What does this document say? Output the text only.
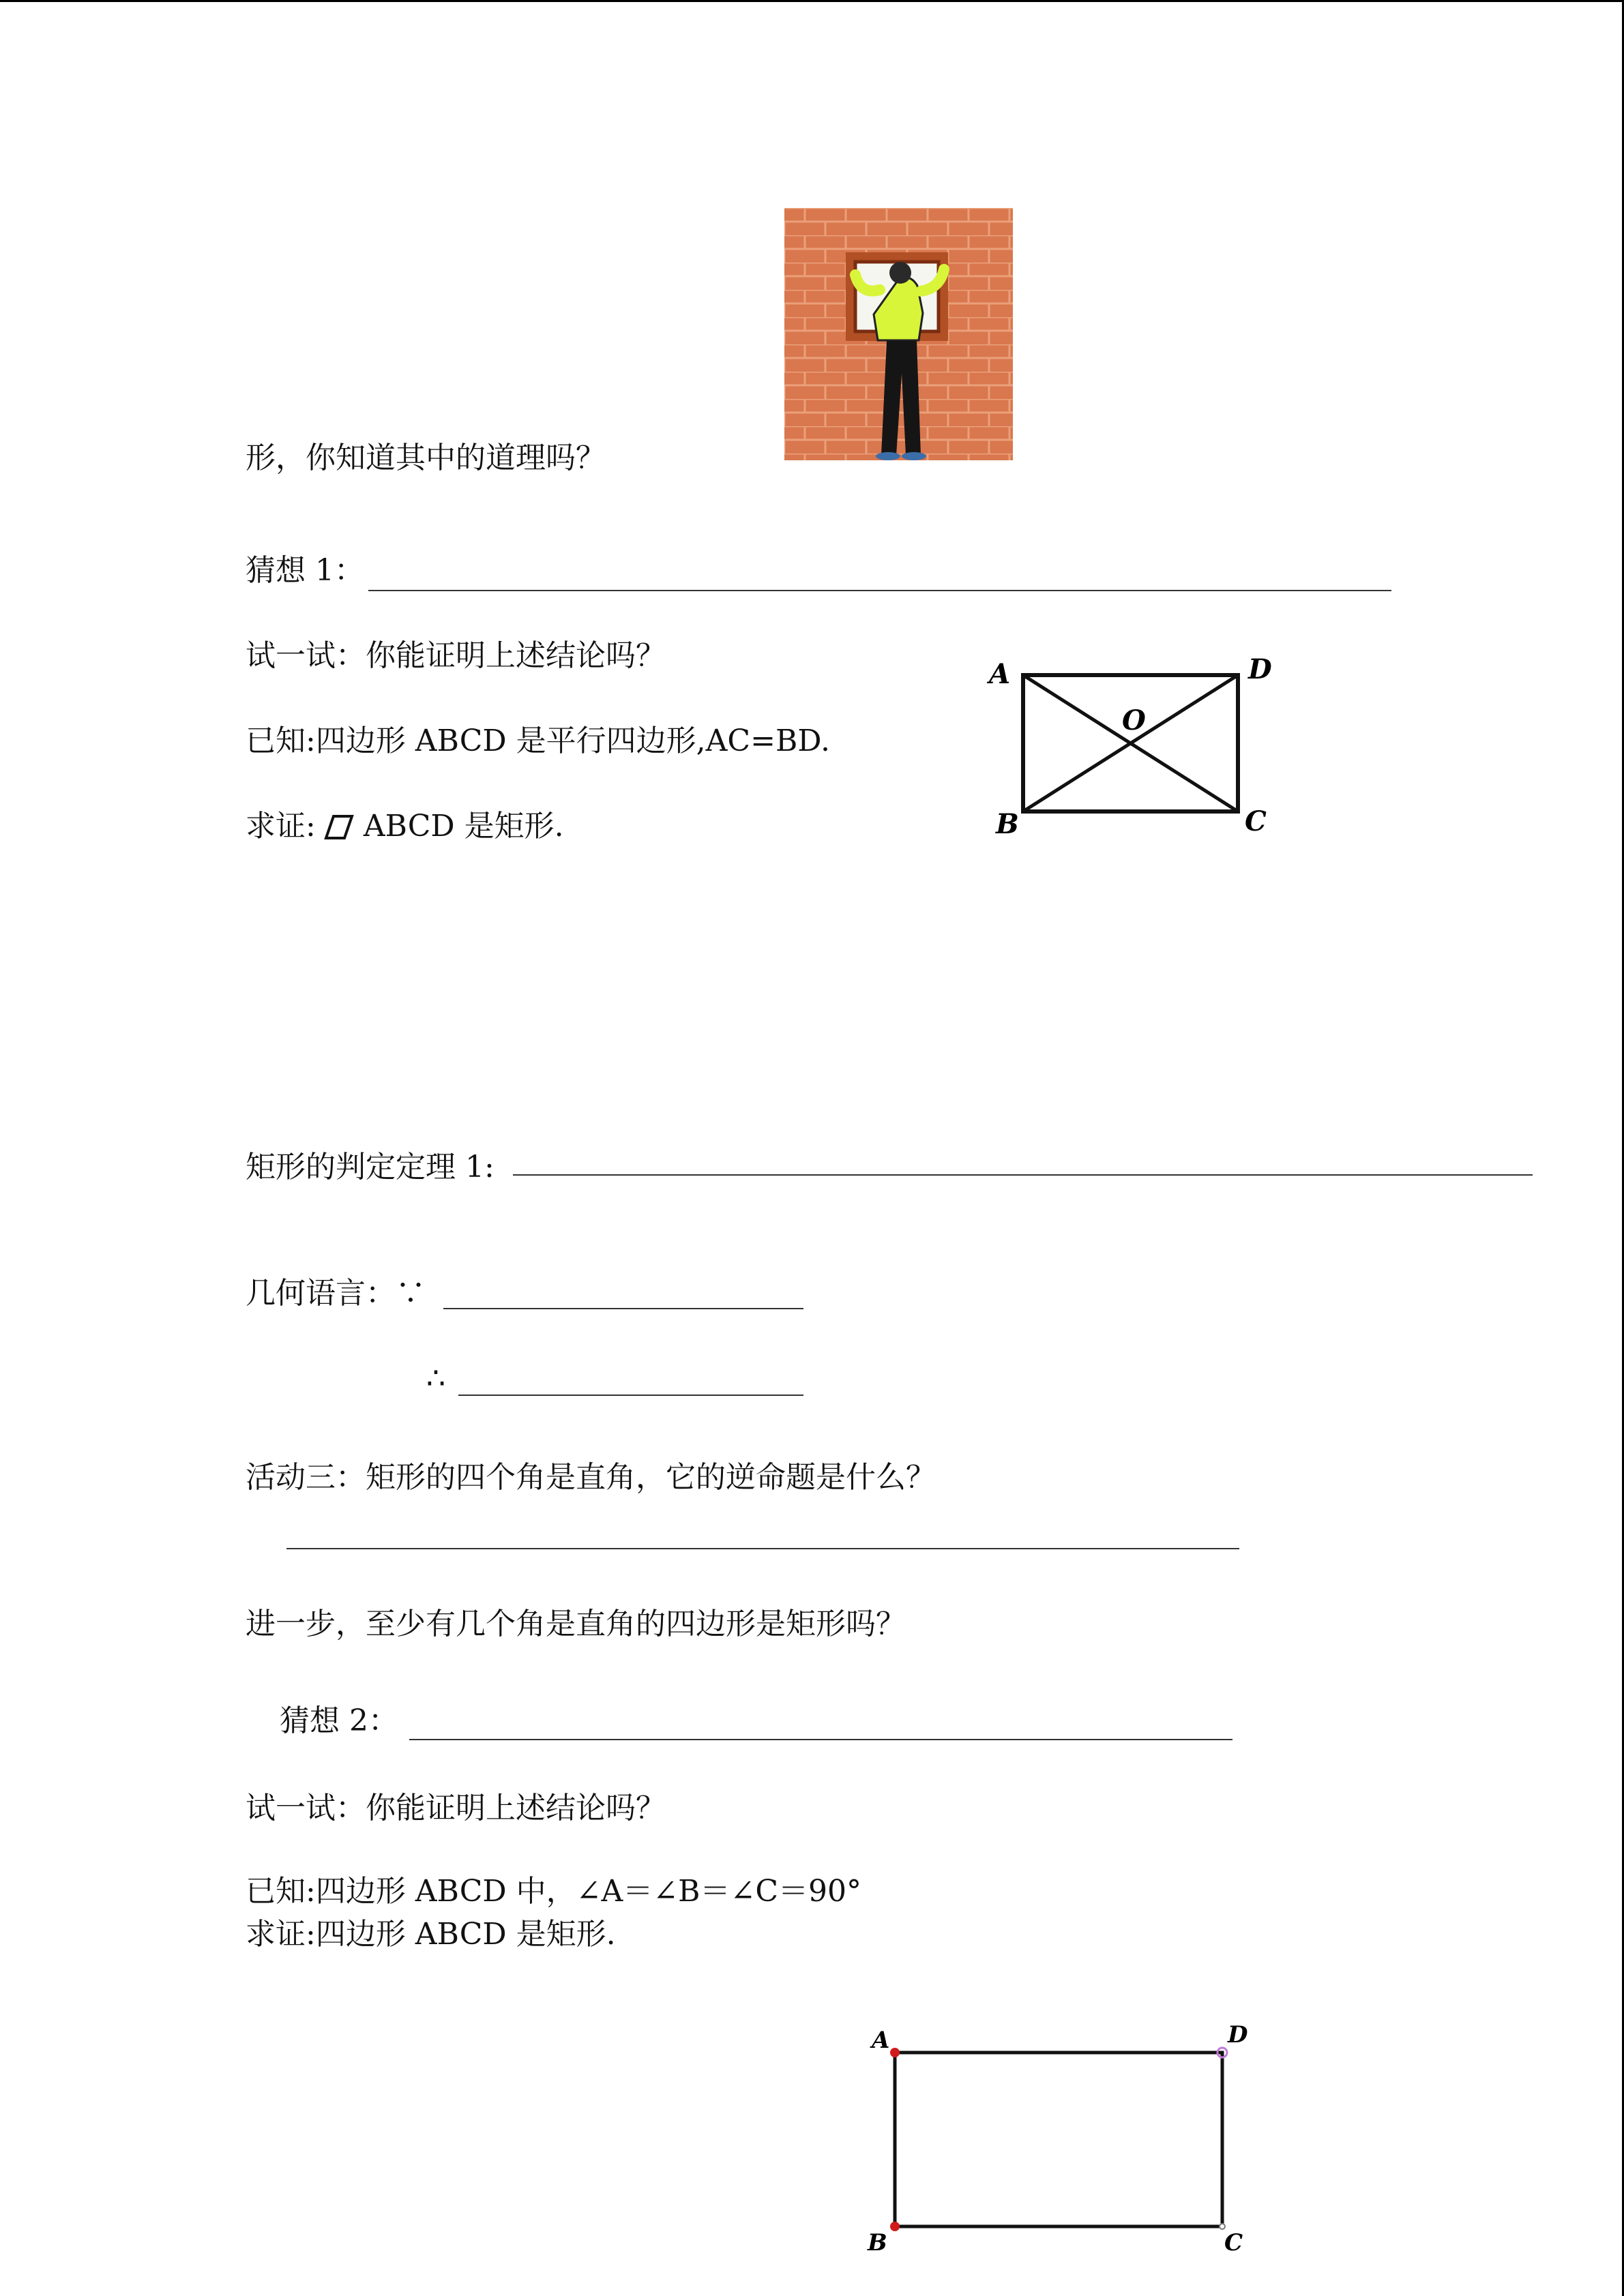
形，你知道其中的道理吗？
猜想 1：
试一试：你能证明上述结论吗？
已知:四边形 ABCD 是平行四边形,AC=BD.
求证: ABCD 是矩形.
A	D
O
B	C
矩形的判定定理 1:
几何语言：∵
∴
活动三：矩形的四个角是直角，它的逆命题是什么？
进一步，至少有几个角是直角的四边形是矩形吗？
猜想 2：
试一试：你能证明上述结论吗？
已知:四边形 ABCD 中，∠A＝∠B＝∠C＝90°
求证:四边形 ABCD 是矩形.
A	D
B	C
